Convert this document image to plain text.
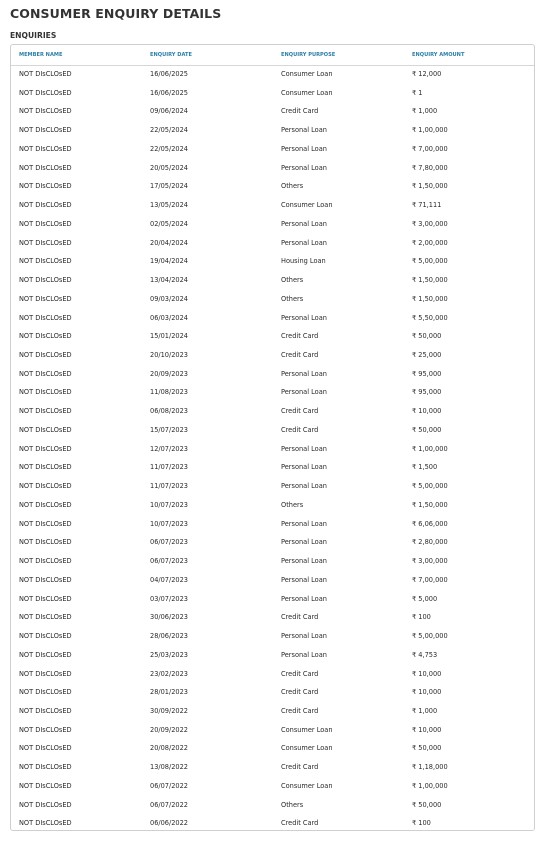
CONSUMER ENQUIRY DETAILS
ENQUIRIES
MEMBER NAME	ENQUIRY DATE	ENQUIRY PURPOSE	ENQUIRY AMOUNT
NOT DIsCLOsED	16/06/2025	Consumer Loan	₹ 12,000
NOT DIsCLOsED	16/06/2025	Consumer Loan	₹ 1
NOT DIsCLOsED	09/06/2024	Credit Card	₹ 1,000
NOT DIsCLOsED	22/05/2024	Personal Loan	₹ 1,00,000
NOT DIsCLOsED	22/05/2024	Personal Loan	₹ 7,00,000
NOT DIsCLOsED	20/05/2024	Personal Loan	₹ 7,80,000
NOT DIsCLOsED	17/05/2024	Others	₹ 1,50,000
NOT DIsCLOsED	13/05/2024	Consumer Loan	₹ 71,111
NOT DIsCLOsED	02/05/2024	Personal Loan	₹ 3,00,000
NOT DIsCLOsED	20/04/2024	Personal Loan	₹ 2,00,000
NOT DIsCLOsED	19/04/2024	Housing Loan	₹ 5,00,000
NOT DIsCLOsED	13/04/2024	Others	₹ 1,50,000
NOT DIsCLOsED	09/03/2024	Others	₹ 1,50,000
NOT DIsCLOsED	06/03/2024	Personal Loan	₹ 5,50,000
NOT DIsCLOsED	15/01/2024	Credit Card	₹ 50,000
NOT DIsCLOsED	20/10/2023	Credit Card	₹ 25,000
NOT DIsCLOsED	20/09/2023	Personal Loan	₹ 95,000
NOT DIsCLOsED	11/08/2023	Personal Loan	₹ 95,000
NOT DIsCLOsED	06/08/2023	Credit Card	₹ 10,000
NOT DIsCLOsED	15/07/2023	Credit Card	₹ 50,000
NOT DIsCLOsED	12/07/2023	Personal Loan	₹ 1,00,000
NOT DIsCLOsED	11/07/2023	Personal Loan	₹ 1,500
NOT DIsCLOsED	11/07/2023	Personal Loan	₹ 5,00,000
NOT DIsCLOsED	10/07/2023	Others	₹ 1,50,000
NOT DIsCLOsED	10/07/2023	Personal Loan	₹ 6,06,000
NOT DIsCLOsED	06/07/2023	Personal Loan	₹ 2,80,000
NOT DIsCLOsED	06/07/2023	Personal Loan	₹ 3,00,000
NOT DIsCLOsED	04/07/2023	Personal Loan	₹ 7,00,000
NOT DIsCLOsED	03/07/2023	Personal Loan	₹ 5,000
NOT DIsCLOsED	30/06/2023	Credit Card	₹ 100
NOT DIsCLOsED	28/06/2023	Personal Loan	₹ 5,00,000
NOT DIsCLOsED	25/03/2023	Personal Loan	₹ 4,753
NOT DIsCLOsED	23/02/2023	Credit Card	₹ 10,000
NOT DIsCLOsED	28/01/2023	Credit Card	₹ 10,000
NOT DIsCLOsED	30/09/2022	Credit Card	₹ 1,000
NOT DIsCLOsED	20/09/2022	Consumer Loan	₹ 10,000
NOT DIsCLOsED	20/08/2022	Consumer Loan	₹ 50,000
NOT DIsCLOsED	13/08/2022	Credit Card	₹ 1,18,000
NOT DIsCLOsED	06/07/2022	Consumer Loan	₹ 1,00,000
NOT DIsCLOsED	06/07/2022	Others	₹ 50,000
NOT DIsCLOsED	06/06/2022	Credit Card	₹ 100
